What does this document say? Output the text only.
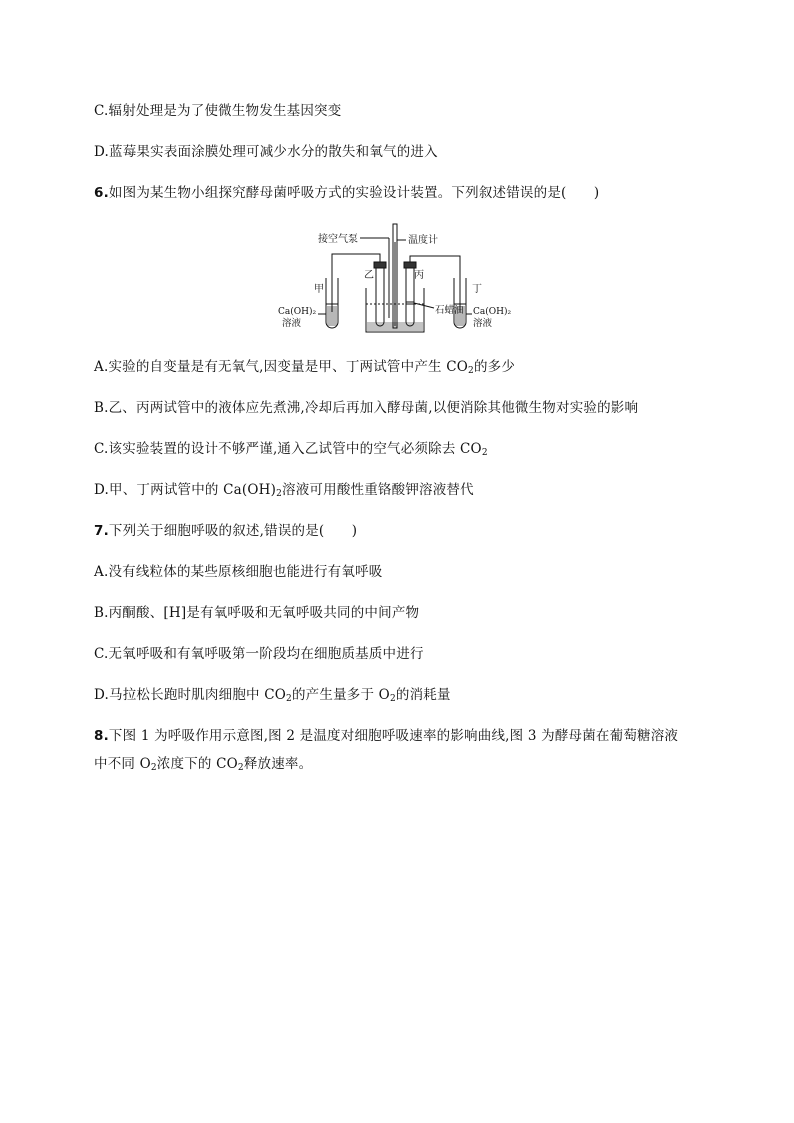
C.辐射处理是为了使微生物发生基因突变
D.蓝莓果实表面涂膜处理可减少水分的散失和氧气的进入
6.如图为某生物小组探究酵母菌呼吸方式的实验设计装置。下列叙述错误的是(　　)
接空气泵	温度计
乙	丙
甲	丁
石蜡油
Ca(OH)₂
溶液
Ca(OH)₂
溶液
A.实验的自变量是有无氧气,因变量是甲、丁两试管中产生 $CO_2$的多少
B.乙、丙两试管中的液体应先煮沸,冷却后再加入酵母菌,以便消除其他微生物对实验的影响
C.该实验装置的设计不够严谨,通入乙试管中的空气必须除去 $CO_2$
D.甲、丁两试管中的 $Ca(OH)_2$溶液可用酸性重铬酸钾溶液替代
7.下列关于细胞呼吸的叙述,错误的是(　　)
A.没有线粒体的某些原核细胞也能进行有氧呼吸
B.丙酮酸、[H]是有氧呼吸和无氧呼吸共同的中间产物
C.无氧呼吸和有氧呼吸第一阶段均在细胞质基质中进行
D.马拉松长跑时肌肉细胞中 $CO_2$的产生量多于 $O_2$的消耗量
8.下图 1 为呼吸作用示意图,图 2 是温度对细胞呼吸速率的影响曲线,图 3 为酵母菌在葡萄糖溶液
中不同 $O_2$浓度下的 $CO_2$释放速率。
